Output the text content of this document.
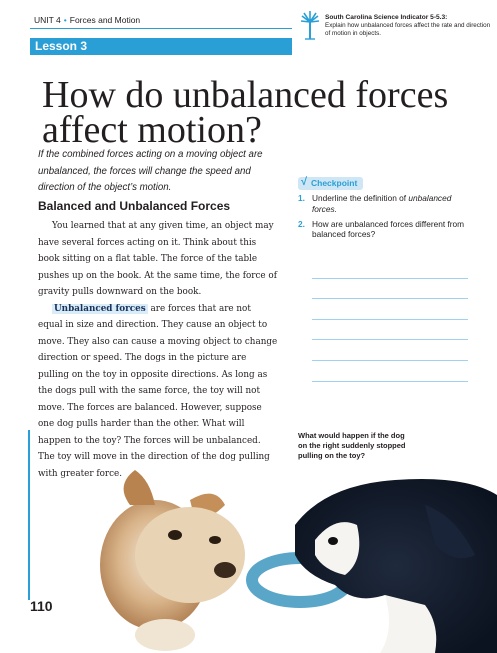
UNIT 4 • Forces and Motion
Lesson 3
South Carolina Science Indicator 5-5.3:
Explain how unbalanced forces affect the rate and direction of motion in objects.
How do unbalanced forces affect motion?
If the combined forces acting on a moving object are unbalanced, the forces will change the speed and direction of the object’s motion.
Balanced and Unbalanced Forces

You learned that at any given time, an object may have several forces acting on it. Think about this book sitting on a flat table. The force of the table pushes up on the book. At the same time, the force of gravity pulls downward on the book.

Unbalanced forces are forces that are not equal in size and direction. They cause an object to move. They also can cause a moving object to change direction or speed. The dogs in the picture are pulling on the toy in opposite directions. As long as the dogs pull with the same force, the toy will not move. The forces are balanced. However, suppose one dog pulls harder than the other. What will happen to the toy? The forces will be unbalanced. The toy will move in the direction of the dog pulling with greater force.

√ Checkpoint
1. Underline the definition of unbalanced forces.
2. How are unbalanced forces different from balanced forces?
What would happen if the dog on the right suddenly stopped pulling on the toy?
110
